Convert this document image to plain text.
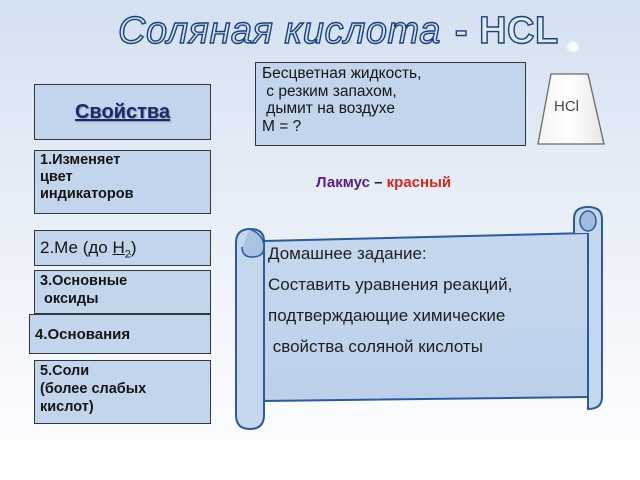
Соляная кислота - HCL
Бесцветная жидкость,
с резким запахом,
дымит на воздухе
М = ?
HCl
Свойства
1.Изменяет
цвет
индикаторов
2.Ме (до $Н_2$)
3.Основные
оксиды
4.Основания
5.Соли
(более слабых
кислот)
Лакмус – красный
Домашнее задание:
Составить уравнения реакций,
подтверждающие химические
свойства соляной кислоты
